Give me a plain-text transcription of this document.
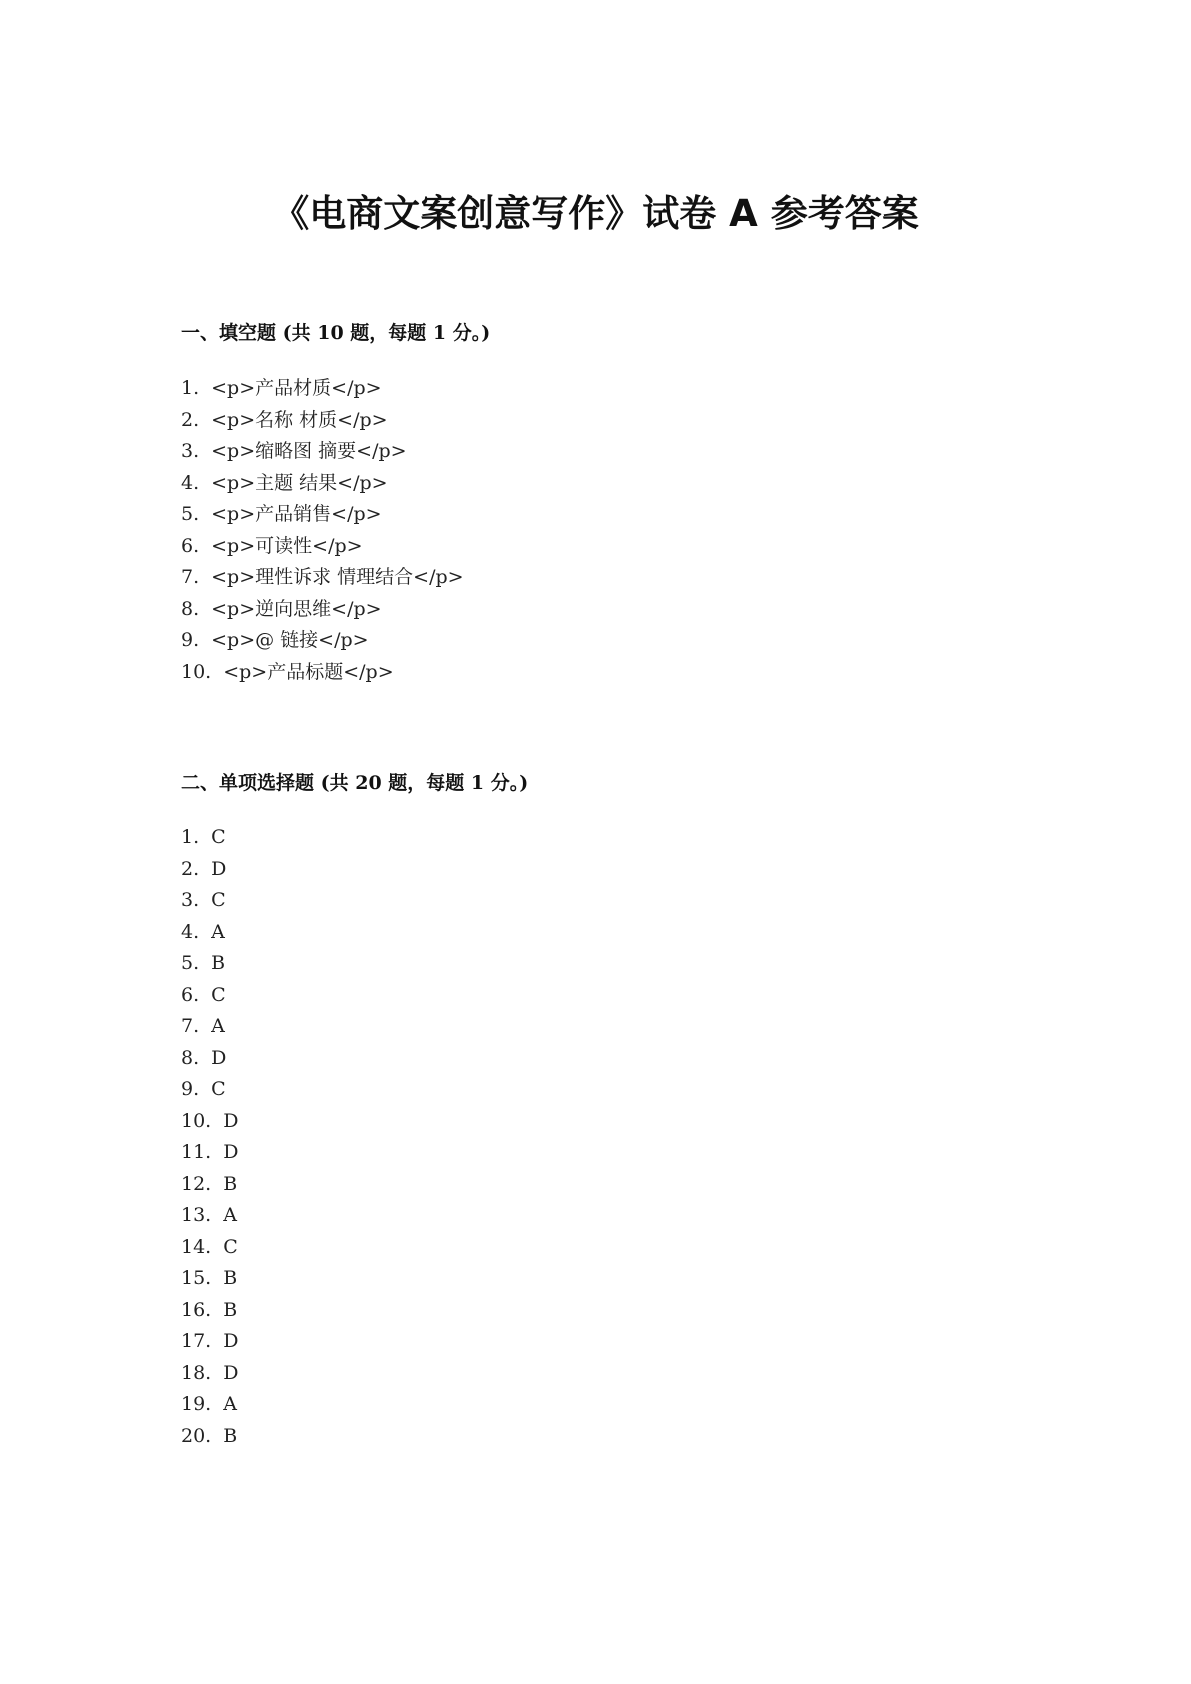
《电商文案创意写作》试卷 A 参考答案
一、填空题 (共 10 题，每题 1 分。)
1. <p>产品材质</p>
2. <p>名称 材质</p>
3. <p>缩略图 摘要</p>
4. <p>主题 结果</p>
5. <p>产品销售</p>
6. <p>可读性</p>
7. <p>理性诉求 情理结合</p>
8. <p>逆向思维</p>
9. <p>@ 链接</p>
10. <p>产品标题</p>
二、单项选择题 (共 20 题，每题 1 分。)
1. C
2. D
3. C
4. A
5. B
6. C
7. A
8. D
9. C
10. D
11. D
12. B
13. A
14. C
15. B
16. B
17. D
18. D
19. A
20. B
